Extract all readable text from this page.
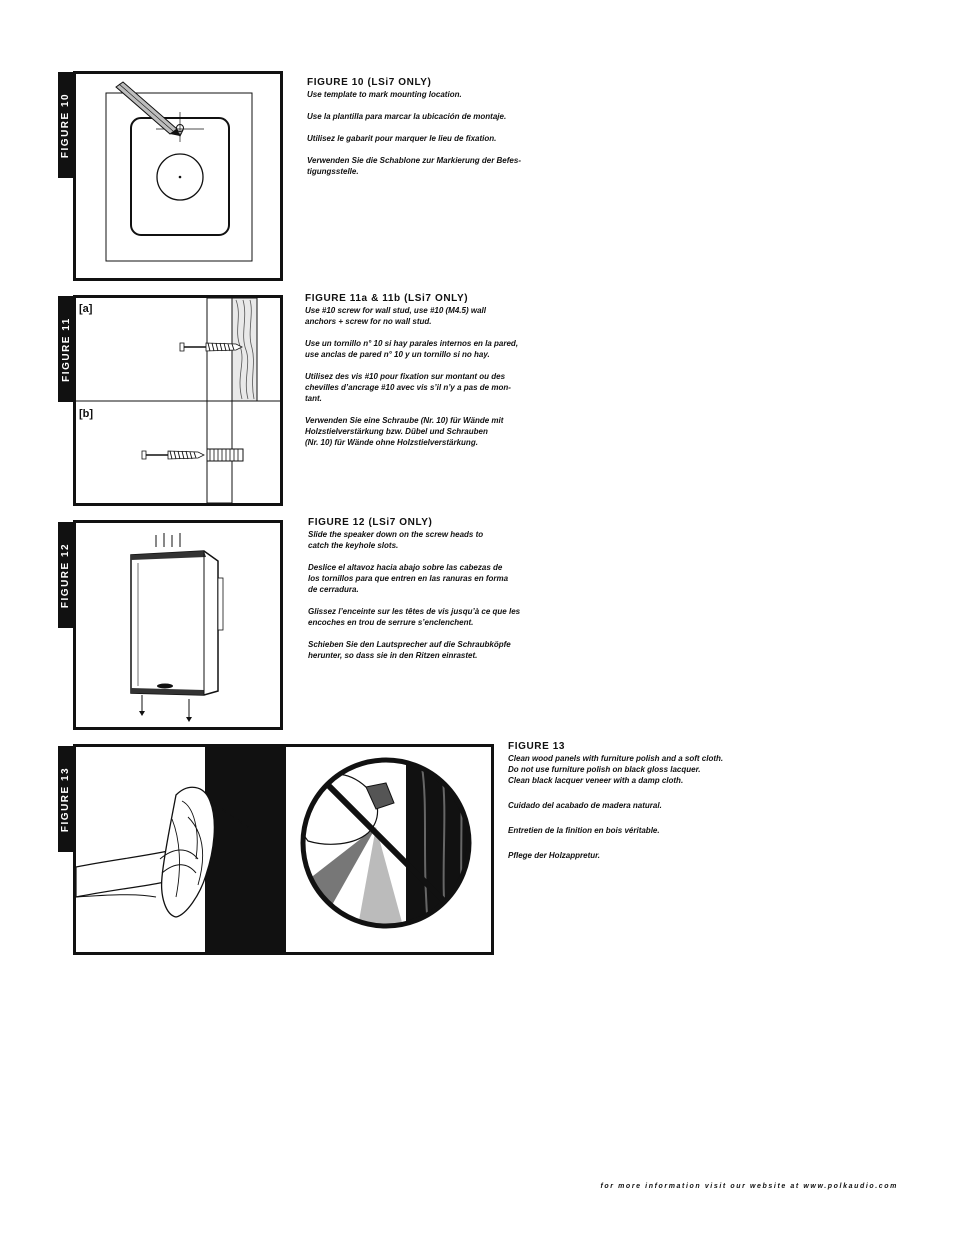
FIGURE 10
FIGURE 10 (LSi7 ONLY)

Use template to mark mounting location.

Use la plantilla para marcar la ubicación de montaje.

Utilisez le gabarit pour marquer le lieu de fixation.

Verwenden Sie die Schablone zur Markierung der Befes-
tigungsstelle.

FIGURE 11
[a]
[b]
FIGURE 11a & 11b (LSi7 ONLY)

Use #10 screw for wall stud, use #10 (M4.5) wall
anchors + screw for no wall stud.

Use un tornillo n° 10 si hay parales internos en la pared,
use anclas de pared n° 10 y un tornillo si no hay.

Utilisez des vis #10 pour fixation sur montant ou des
chevilles d’ancrage #10 avec vis s’il n’y a pas de mon-
tant.

Verwenden Sie eine Schraube (Nr. 10) für Wände mit
Holzstielverstärkung bzw. Dübel und Schrauben
(Nr. 10) für Wände ohne Holzstielverstärkung.

FIGURE 12
FIGURE 12 (LSi7 ONLY)

Slide the speaker down on the screw heads to
catch the keyhole slots.

Deslice el altavoz hacia abajo sobre las cabezas de
los tornillos para que entren en las ranuras en forma
de cerradura.

Glissez l’enceinte sur les têtes de vis jusqu’à ce que les
encoches en trou de serrure s’enclenchent.

Schieben Sie den Lautsprecher auf die Schraubköpfe
herunter, so dass sie in den Ritzen einrastet.

FIGURE 13
FIGURE 13

Clean wood panels with furniture polish and a soft cloth.
Do not use furniture polish on black gloss lacquer.
Clean black lacquer veneer with a damp cloth.

Cuidado del acabado de madera natural.

Entretien de la finition en bois véritable.

Pflege der Holzappretur.

for more information visit our website at www.polkaudio.com
